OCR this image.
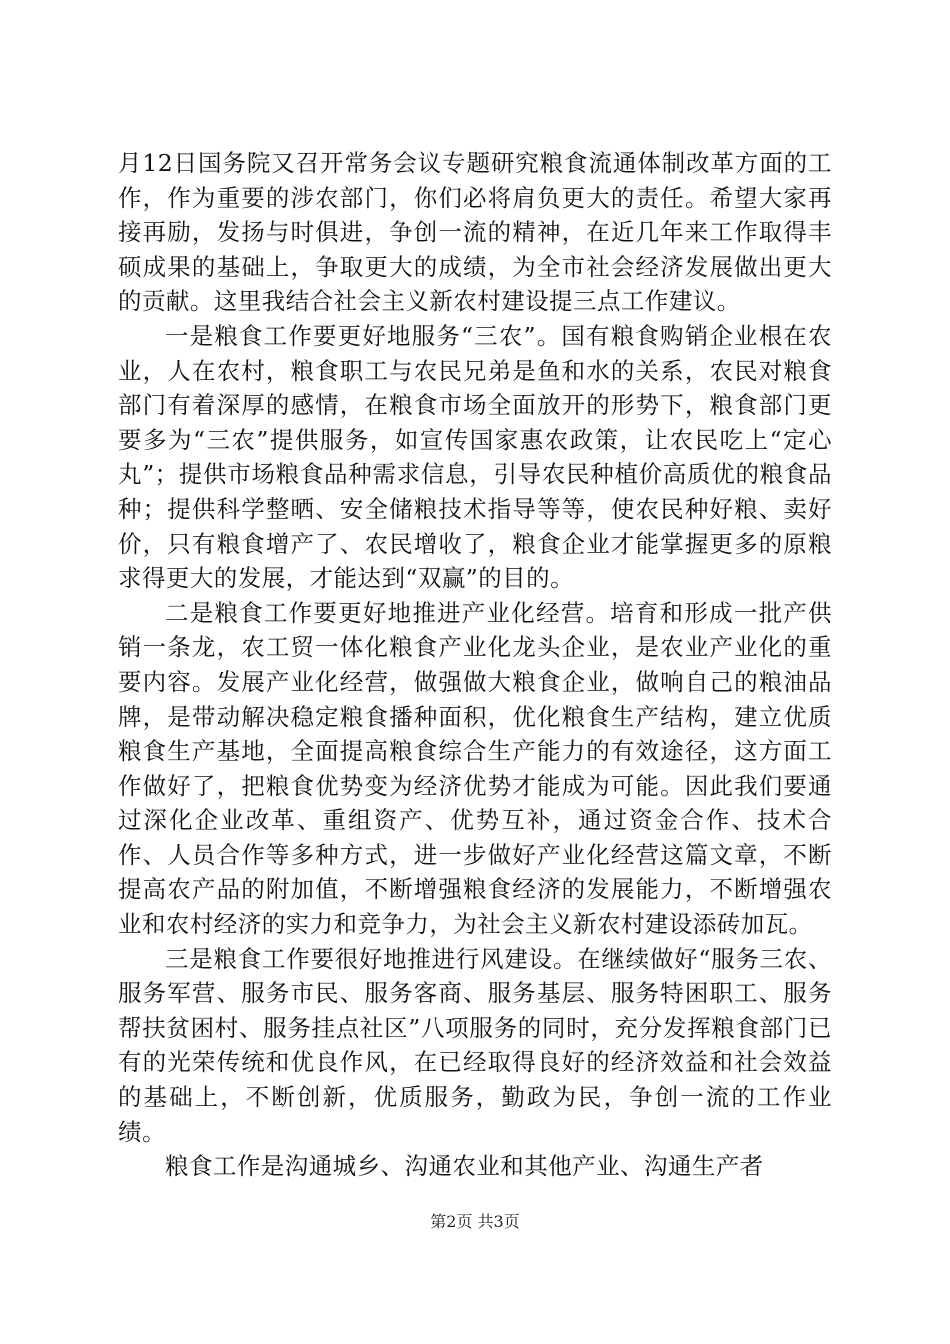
月12日国务院又召开常务会议专题研究粮食流通体制改革方面的工作，作为重要的涉农部门，你们必将肩负更大的责任。希望大家再接再励，发扬与时俱进，争创一流的精神，在近几年来工作取得丰硕成果的基础上，争取更大的成绩，为全市社会经济发展做出更大的贡献。这里我结合社会主义新农村建设提三点工作建议。

一是粮食工作要更好地服务“三农”。国有粮食购销企业根在农业，人在农村，粮食职工与农民兄弟是鱼和水的关系，农民对粮食部门有着深厚的感情，在粮食市场全面放开的形势下，粮食部门更要多为“三农”提供服务，如宣传国家惠农政策，让农民吃上“定心丸”；提供市场粮食品种需求信息，引导农民种植价高质优的粮食品种；提供科学整晒、安全储粮技术指导等等，使农民种好粮、卖好价，只有粮食增产了、农民增收了，粮食企业才能掌握更多的原粮求得更大的发展，才能达到“双赢”的目的。

二是粮食工作要更好地推进产业化经营。培育和形成一批产供销一条龙，农工贸一体化粮食产业化龙头企业，是农业产业化的重要内容。发展产业化经营，做强做大粮食企业，做响自己的粮油品牌，是带动解决稳定粮食播种面积，优化粮食生产结构，建立优质粮食生产基地，全面提高粮食综合生产能力的有效途径，这方面工作做好了，把粮食优势变为经济优势才能成为可能。因此我们要通过深化企业改革、重组资产、优势互补，通过资金合作、技术合作、人员合作等多种方式，进一步做好产业化经营这篇文章，不断提高农产品的附加值，不断增强粮食经济的发展能力，不断增强农业和农村经济的实力和竞争力，为社会主义新农村建设添砖加瓦。

三是粮食工作要很好地推进行风建设。在继续做好“服务三农、服务军营、服务市民、服务客商、服务基层、服务特困职工、服务帮扶贫困村、服务挂点社区”八项服务的同时，充分发挥粮食部门已有的光荣传统和优良作风，在已经取得良好的经济效益和社会效益的基础上，不断创新，优质服务，勤政为民，争创一流的工作业绩。

粮食工作是沟通城乡、沟通农业和其他产业、沟通生产者

第2页 共3页
